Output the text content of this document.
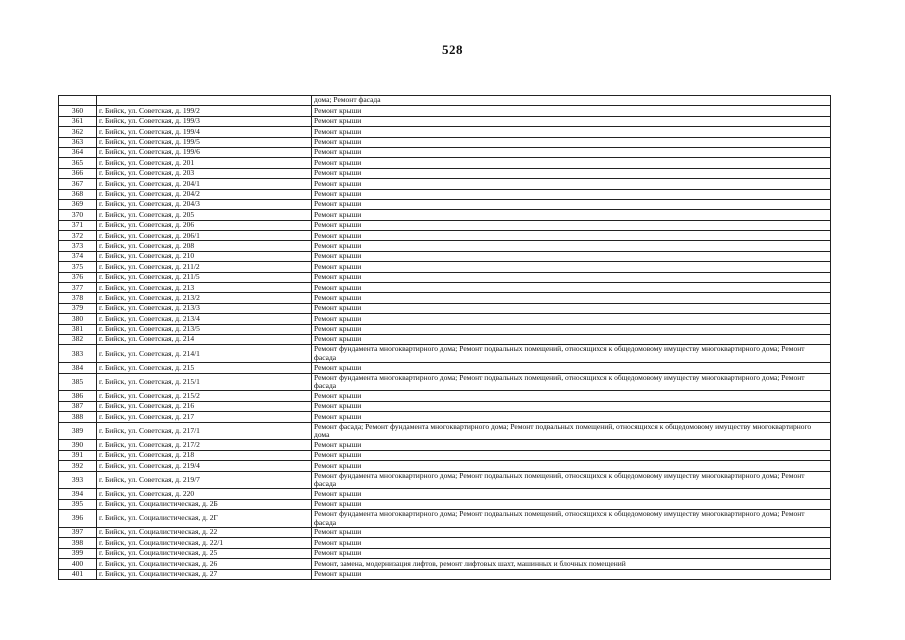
528
		дома; Ремонт фасада
360	г. Бийск, ул. Советская, д. 199/2	Ремонт крыши
361	г. Бийск, ул. Советская, д. 199/3	Ремонт крыши
362	г. Бийск, ул. Советская, д. 199/4	Ремонт крыши
363	г. Бийск, ул. Советская, д. 199/5	Ремонт крыши
364	г. Бийск, ул. Советская, д. 199/6	Ремонт крыши
365	г. Бийск, ул. Советская, д. 201	Ремонт крыши
366	г. Бийск, ул. Советская, д. 203	Ремонт крыши
367	г. Бийск, ул. Советская, д. 204/1	Ремонт крыши
368	г. Бийск, ул. Советская, д. 204/2	Ремонт крыши
369	г. Бийск, ул. Советская, д. 204/3	Ремонт крыши
370	г. Бийск, ул. Советская, д. 205	Ремонт крыши
371	г. Бийск, ул. Советская, д. 206	Ремонт крыши
372	г. Бийск, ул. Советская, д. 206/1	Ремонт крыши
373	г. Бийск, ул. Советская, д. 208	Ремонт крыши
374	г. Бийск, ул. Советская, д. 210	Ремонт крыши
375	г. Бийск, ул. Советская, д. 211/2	Ремонт крыши
376	г. Бийск, ул. Советская, д. 211/5	Ремонт крыши
377	г. Бийск, ул. Советская, д. 213	Ремонт крыши
378	г. Бийск, ул. Советская, д. 213/2	Ремонт крыши
379	г. Бийск, ул. Советская, д. 213/3	Ремонт крыши
380	г. Бийск, ул. Советская, д. 213/4	Ремонт крыши
381	г. Бийск, ул. Советская, д. 213/5	Ремонт крыши
382	г. Бийск, ул. Советская, д. 214	Ремонт крыши
383	г. Бийск, ул. Советская, д. 214/1	Ремонт фундамента многоквартирного дома; Ремонт подвальных помещений, относящихся к общедомовому имуществу многоквартирного дома; Ремонт фасада
384	г. Бийск, ул. Советская, д. 215	Ремонт крыши
385	г. Бийск, ул. Советская, д. 215/1	Ремонт фундамента многоквартирного дома; Ремонт подвальных помещений, относящихся к общедомовому имуществу многоквартирного дома; Ремонт фасада
386	г. Бийск, ул. Советская, д. 215/2	Ремонт крыши
387	г. Бийск, ул. Советская, д. 216	Ремонт крыши
388	г. Бийск, ул. Советская, д. 217	Ремонт крыши
389	г. Бийск, ул. Советская, д. 217/1	Ремонт фасада; Ремонт фундамента многоквартирного дома; Ремонт подвальных помещений, относящихся к общедомовому имуществу многоквартирного дома
390	г. Бийск, ул. Советская, д. 217/2	Ремонт крыши
391	г. Бийск, ул. Советская, д. 218	Ремонт крыши
392	г. Бийск, ул. Советская, д. 219/4	Ремонт крыши
393	г. Бийск, ул. Советская, д. 219/7	Ремонт фундамента многоквартирного дома; Ремонт подвальных помещений, относящихся к общедомовому имуществу многоквартирного дома; Ремонт фасада
394	г. Бийск, ул. Советская, д. 220	Ремонт крыши
395	г. Бийск, ул. Социалистическая, д. 2Б	Ремонт крыши
396	г. Бийск, ул. Социалистическая, д. 2Г	Ремонт фундамента многоквартирного дома; Ремонт подвальных помещений, относящихся к общедомовому имуществу многоквартирного дома; Ремонт фасада
397	г. Бийск, ул. Социалистическая, д. 22	Ремонт крыши
398	г. Бийск, ул. Социалистическая, д. 22/1	Ремонт крыши
399	г. Бийск, ул. Социалистическая, д. 25	Ремонт крыши
400	г. Бийск, ул. Социалистическая, д. 26	Ремонт, замена, модернизация лифтов, ремонт лифтовых шахт, машинных и блочных помещений
401	г. Бийск, ул. Социалистическая, д. 27	Ремонт крыши
